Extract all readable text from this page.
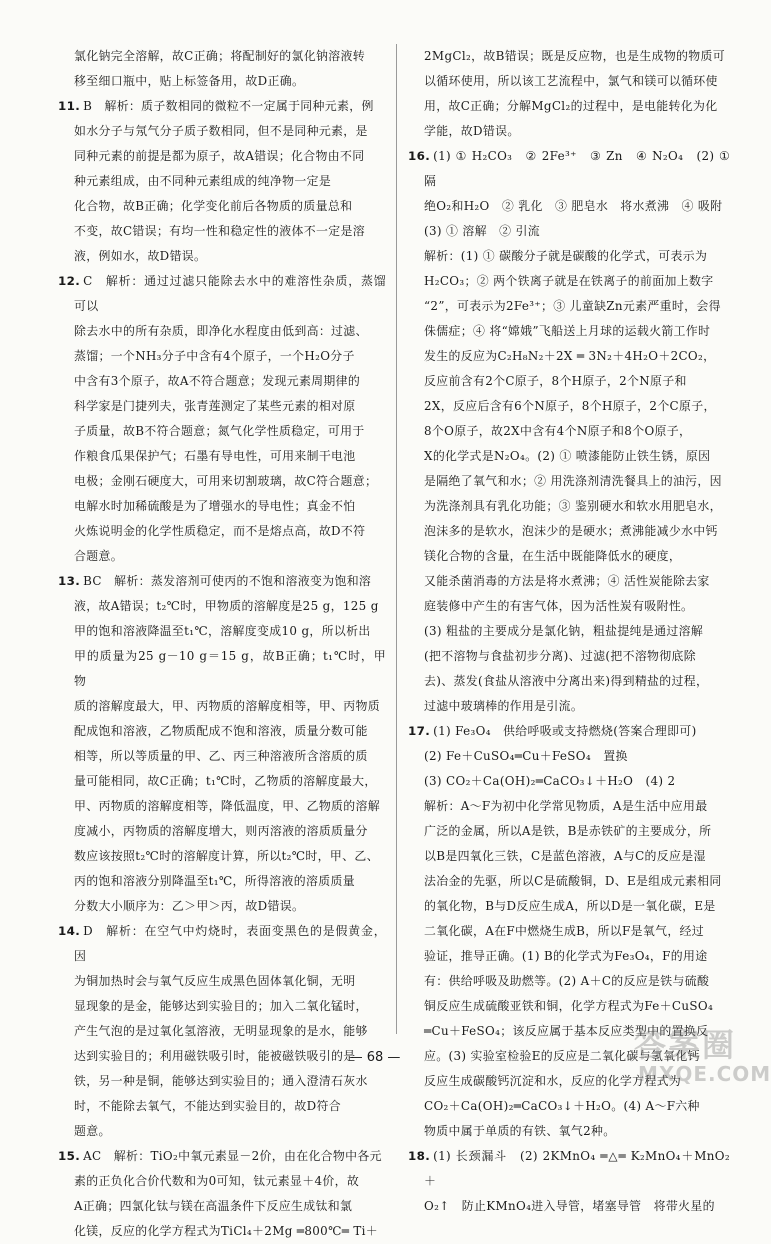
氯化钠完全溶解，故C正确；将配制好的氯化钠溶液转

移至细口瓶中，贴上标签备用，故D正确。

11. B　解析：质子数相同的微粒不一定属于同种元素，例

如水分子与氖气分子质子数相同，但不是同种元素，是

同种元素的前提是都为原子，故A错误；化合物由不同

种元素组成，由不同种元素组成的纯净物一定是

化合物，故B正确；化学变化前后各物质的质量总和

不变，故C错误；有均一性和稳定性的液体不一定是溶

液，例如水，故D错误。

12. C　解析：通过过滤只能除去水中的难溶性杂质，蒸馏可以

除去水中的所有杂质，即净化水程度由低到高：过滤、

蒸馏；一个NH₃分子中含有4个原子，一个H₂O分子

中含有3个原子，故A不符合题意；发现元素周期律的

科学家是门捷列夫，张青莲测定了某些元素的相对原

子质量，故B不符合题意；氮气化学性质稳定，可用于

作粮食瓜果保护气；石墨有导电性，可用来制干电池

电极；金刚石硬度大，可用来切割玻璃，故C符合题意；

电解水时加稀硫酸是为了增强水的导电性；真金不怕

火炼说明金的化学性质稳定，而不是熔点高，故D不符

合题意。

13. BC　解析：蒸发溶剂可使丙的不饱和溶液变为饱和溶

液，故A错误；t₂℃时，甲物质的溶解度是25 g，125 g

甲的饱和溶液降温至t₁℃，溶解度变成10 g，所以析出

甲的质量为25 g－10 g＝15 g，故B正确；t₁℃时，甲物

质的溶解度最大，甲、丙物质的溶解度相等，甲、丙物质

配成饱和溶液，乙物质配成不饱和溶液，质量分数可能

相等，所以等质量的甲、乙、丙三种溶液所含溶质的质

量可能相同，故C正确；t₁℃时，乙物质的溶解度最大，

甲、丙物质的溶解度相等，降低温度，甲、乙物质的溶解

度减小，丙物质的溶解度增大，则丙溶液的溶质质量分

数应该按照t₂℃时的溶解度计算，所以t₂℃时，甲、乙、

丙的饱和溶液分别降温至t₁℃，所得溶液的溶质质量

分数大小顺序为：乙＞甲＞丙，故D错误。

14. D　解析：在空气中灼烧时，表面变黑色的是假黄金，因

为铜加热时会与氧气反应生成黑色固体氧化铜，无明

显现象的是金，能够达到实验目的；加入二氧化锰时，

产生气泡的是过氧化氢溶液，无明显现象的是水，能够

达到实验目的；利用磁铁吸引时，能被磁铁吸引的是

铁，另一种是铜，能够达到实验目的；通入澄清石灰水

时，不能除去氧气，不能达到实验目的，故D符合

题意。

15. AC　解析：TiO₂中氧元素显－2价，由在化合物中各元

素的正负化合价代数和为0可知，钛元素显＋4价，故

A正确；四氯化钛与镁在高温条件下反应生成钛和氯

化镁，反应的化学方程式为TiCl₄＋2Mg ═800℃═ Ti＋

2MgCl₂，故B错误；既是反应物，也是生成物的物质可

以循环使用，所以该工艺流程中，氯气和镁可以循环使

用，故C正确；分解MgCl₂的过程中，是电能转化为化

学能，故D错误。

16. (1) ① H₂CO₃　② 2Fe³⁺　③ Zn　④ N₂O₄　(2) ① 隔

绝O₂和H₂O　② 乳化　③ 肥皂水　将水煮沸　④ 吸附

(3) ① 溶解　② 引流

解析：(1) ① 碳酸分子就是碳酸的化学式，可表示为

H₂CO₃；② 两个铁离子就是在铁离子的前面加上数字

“2”，可表示为2Fe³⁺；③ 儿童缺Zn元素严重时，会得

侏儒症；④ 将“嫦娥”飞船送上月球的运载火箭工作时

发生的反应为C₂H₈N₂＋2X ═ 3N₂＋4H₂O＋2CO₂，

反应前含有2个C原子，8个H原子，2个N原子和

2X，反应后含有6个N原子，8个H原子，2个C原子，

8个O原子，故2X中含有4个N原子和8个O原子，

X的化学式是N₂O₄。(2) ① 喷漆能防止铁生锈，原因

是隔绝了氧气和水；② 用洗涤剂清洗餐具上的油污，因

为洗涤剂具有乳化功能；③ 鉴别硬水和软水用肥皂水，

泡沫多的是软水，泡沫少的是硬水；煮沸能减少水中钙

镁化合物的含量，在生活中既能降低水的硬度，

又能杀菌消毒的方法是将水煮沸；④ 活性炭能除去家

庭装修中产生的有害气体，因为活性炭有吸附性。

(3) 粗盐的主要成分是氯化钠，粗盐提纯是通过溶解

(把不溶物与食盐初步分离)、过滤(把不溶物彻底除

去)、蒸发(食盐从溶液中分离出来)得到精盐的过程，

过滤中玻璃棒的作用是引流。

17. (1) Fe₃O₄　供给呼吸或支持燃烧(答案合理即可)

(2) Fe＋CuSO₄═Cu＋FeSO₄　置换

(3) CO₂＋Ca(OH)₂═CaCO₃↓＋H₂O　(4) 2

解析：A～F为初中化学常见物质，A是生活中应用最

广泛的金属，所以A是铁，B是赤铁矿的主要成分，所

以B是四氧化三铁，C是蓝色溶液，A与C的反应是湿

法冶金的先驱，所以C是硫酸铜，D、E是组成元素相同

的氧化物，B与D反应生成A，所以D是一氧化碳，E是

二氧化碳，A在F中燃烧生成B，所以F是氧气，经过

验证，推导正确。(1) B的化学式为Fe₃O₄，F的用途

有：供给呼吸及助燃等。(2) A＋C的反应是铁与硫酸

铜反应生成硫酸亚铁和铜，化学方程式为Fe＋CuSO₄

═Cu＋FeSO₄；该反应属于基本反应类型中的置换反

应。(3) 实验室检验E的反应是二氧化碳与氢氧化钙

反应生成碳酸钙沉淀和水，反应的化学方程式为

CO₂＋Ca(OH)₂═CaCO₃↓＋H₂O。(4) A～F六种

物质中属于单质的有铁、氧气2种。

18. (1) 长颈漏斗　(2) 2KMnO₄ ═△═ K₂MnO₄＋MnO₂＋

O₂↑　防止KMnO₄进入导管，堵塞导管　将带火星的

— 68 —	答案圈
MXQE.COM
